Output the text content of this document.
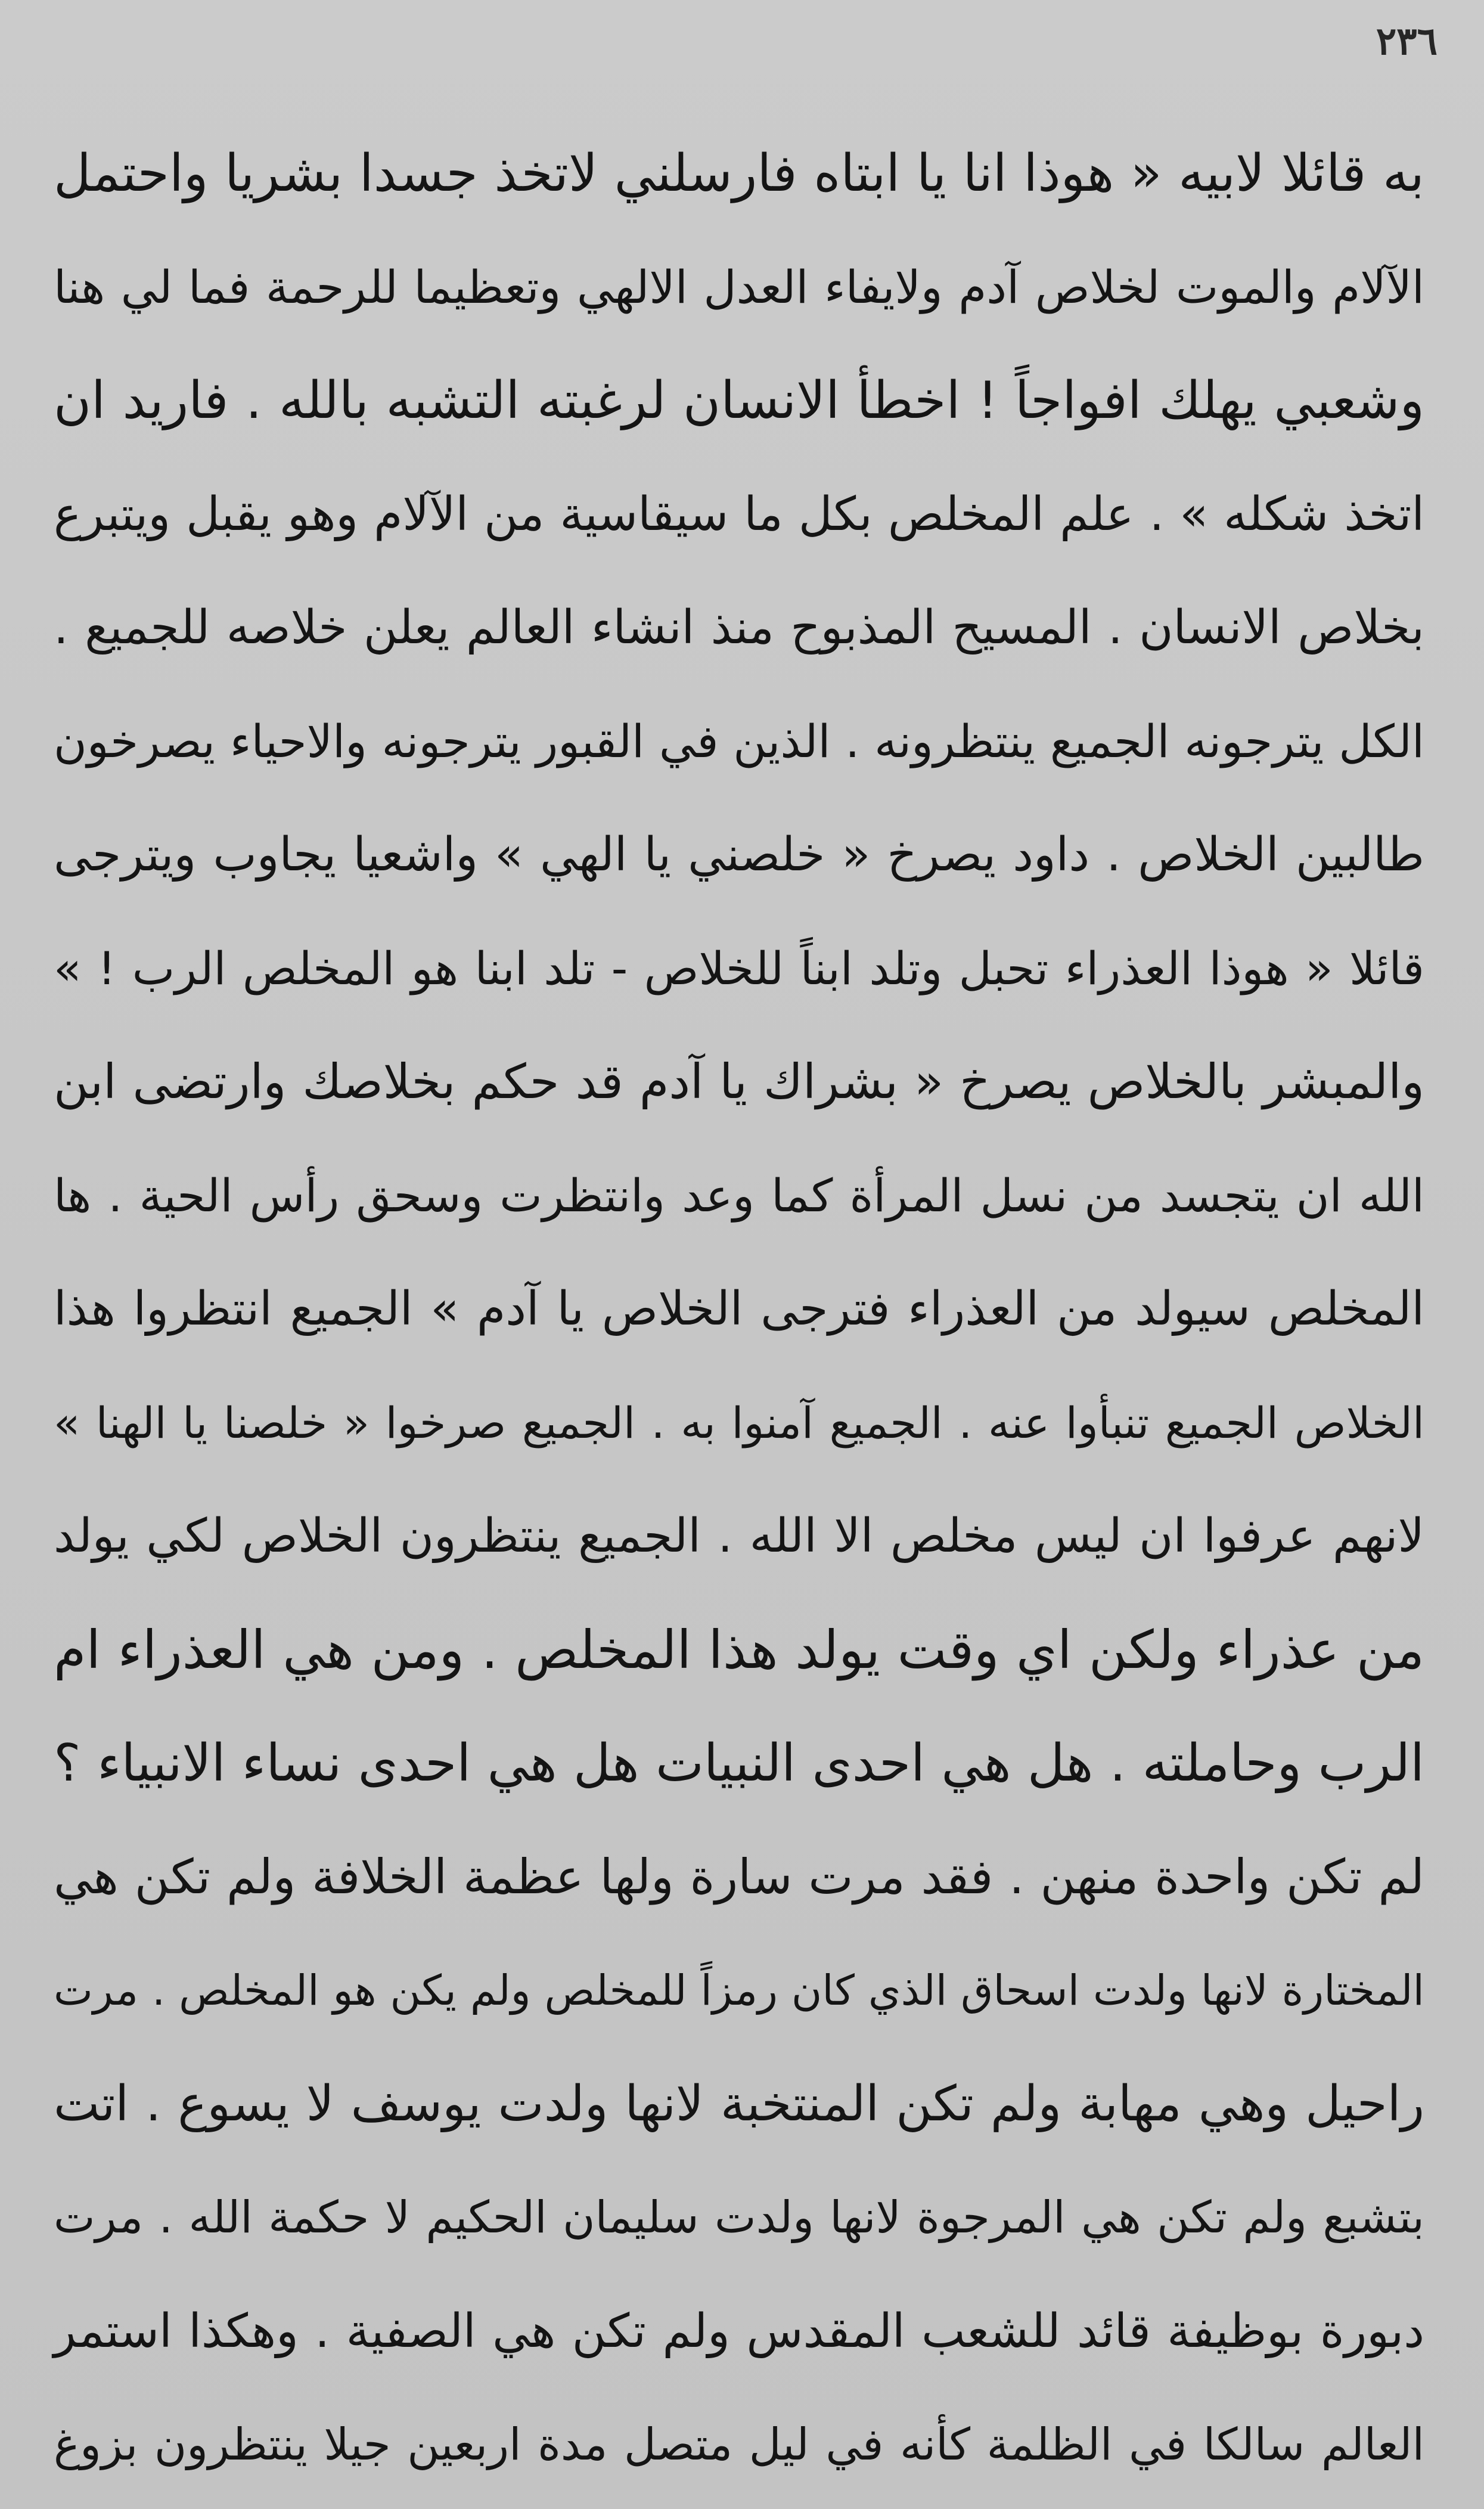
٢٣٦
به قائلا لابيه « هوذا انا يا ابتاه فارسلني لاتخذ جسدا بشريا واحتمل
الآلام والموت لخلاص آدم ولايفاء العدل الالهي وتعظيما للرحمة فما لي هنا
وشعبي يهلك افواجاً ! اخطأ الانسان لرغبته التشبه بالله . فاريد ان
اتخذ شكله » . علم المخلص بكل ما سيقاسية من الآلام وهو يقبل ويتبرع
بخلاص الانسان . المسيح المذبوح منذ انشاء العالم يعلن خلاصه للجميع .
الكل يترجونه الجميع ينتظرونه . الذين في القبور يترجونه والاحياء يصرخون
طالبين الخلاص . داود يصرخ « خلصني يا الهي » واشعيا يجاوب ويترجى
قائلا « هوذا العذراء تحبل وتلد ابناً للخلاص - تلد ابنا هو المخلص الرب ! »
والمبشر بالخلاص يصرخ « بشراك يا آدم قد حكم بخلاصك وارتضى ابن
الله ان يتجسد من نسل المرأة كما وعد وانتظرت وسحق رأس الحية . ها
المخلص سيولد من العذراء فترجى الخلاص يا آدم » الجميع انتظروا هذا
الخلاص الجميع تنبأوا عنه . الجميع آمنوا به . الجميع صرخوا « خلصنا يا الهنا »
لانهم عرفوا ان ليس مخلص الا الله . الجميع ينتظرون الخلاص لكي يولد
من عذراء ولكن اي وقت يولد هذا المخلص . ومن هي العذراء ام
الرب وحاملته . هل هي احدى النبيات هل هي احدى نساء الانبياء ؟
لم تكن واحدة منهن . فقد مرت سارة ولها عظمة الخلافة ولم تكن هي
المختارة لانها ولدت اسحاق الذي كان رمزاً للمخلص ولم يكن هو المخلص . مرت
راحيل وهي مهابة ولم تكن المنتخبة لانها ولدت يوسف لا يسوع . اتت
بتشبع ولم تكن هي المرجوة لانها ولدت سليمان الحكيم لا حكمة الله . مرت
دبورة بوظيفة قائد للشعب المقدس ولم تكن هي الصفية . وهكذا استمر
العالم سالكا في الظلمة كأنه في ليل متصل مدة اربعين جيلا ينتظرون بزوغ
